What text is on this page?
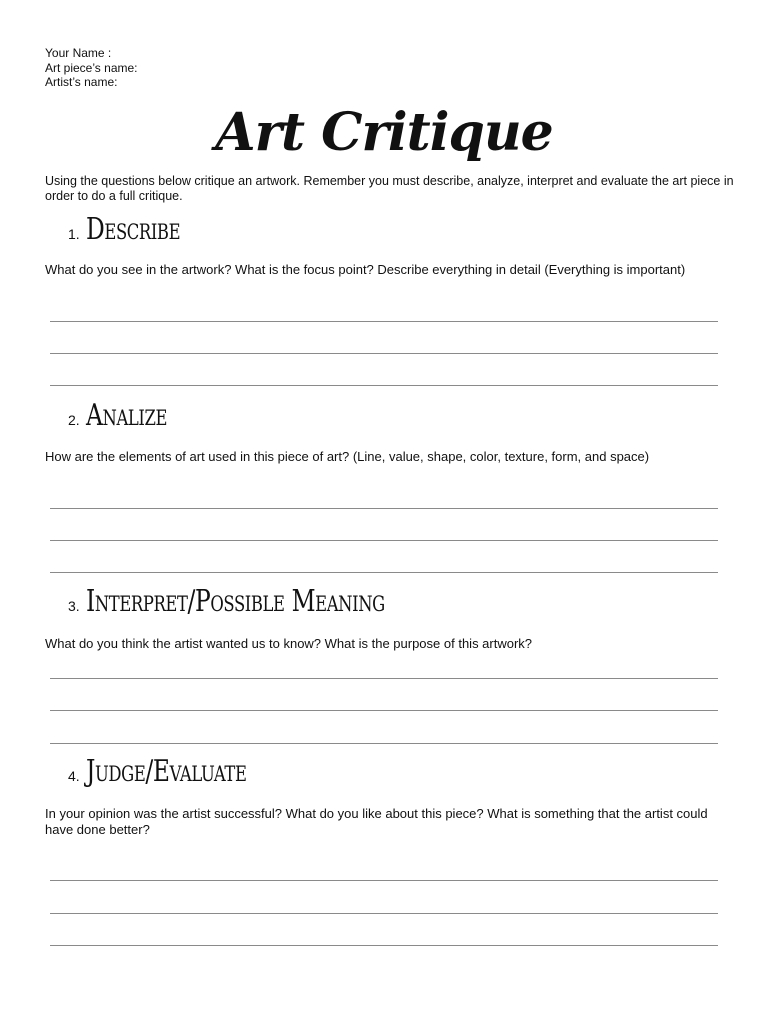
Your Name :
Art piece’s name:
Artist’s name:
Art Critique
Using the questions below critique an artwork. Remember you must describe, analyze, interpret and evaluate the art piece in order to do a full critique.
1. Describe
What do you see in the artwork? What is the focus point? Describe everything in detail (Everything is important)
2. Analize
How are the elements of art used in this piece of art? (Line, value, shape, color, texture, form, and space)
3. Interpret/Possible Meaning
What do you think the artist wanted us to know? What is the purpose of this artwork?
4. Judge/Evaluate
In your opinion was the artist successful? What do you like about this piece? What is something that the artist could have done better?
